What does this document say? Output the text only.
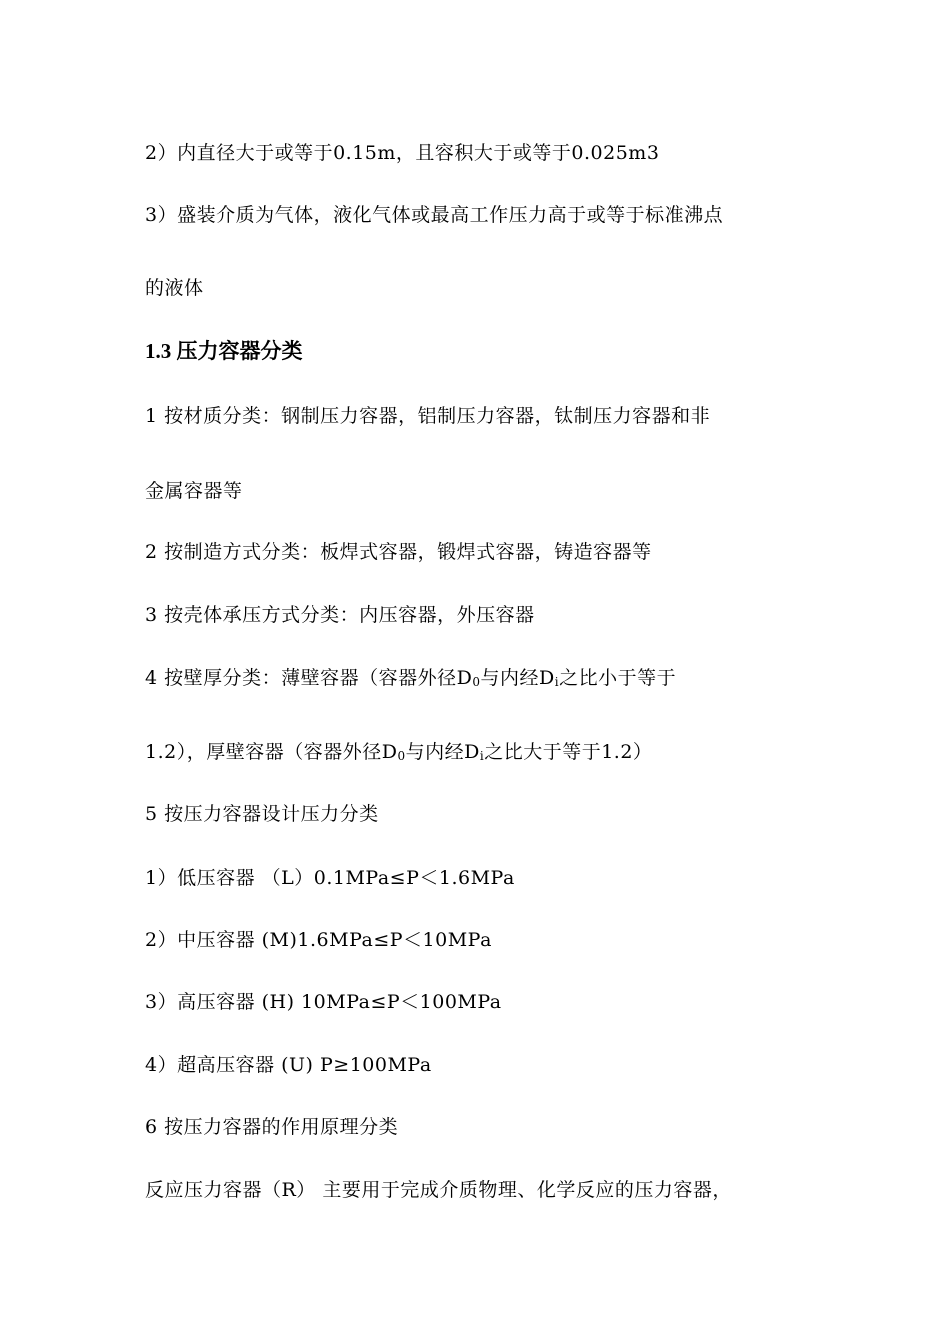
2）内直径大于或等于0.15m，且容积大于或等于0.025m3
3）盛装介质为气体，液化气体或最高工作压力高于或等于标准沸点
的液体
1.3 压力容器分类
1 按材质分类：钢制压力容器，铝制压力容器，钛制压力容器和非
金属容器等
2 按制造方式分类：板焊式容器，锻焊式容器，铸造容器等
3 按壳体承压方式分类：内压容器，外压容器
4 按壁厚分类：薄壁容器（容器外径$D_0$与内经$D_i$之比小于等于
1.2），厚壁容器（容器外径$D_0$与内经$D_i$之比大于等于1.2）
5 按压力容器设计压力分类
1）低压容器 （L）0.1MPa≤P＜1.6MPa
2）中压容器 (M)1.6MPa≤P＜10MPa
3）高压容器 (H) 10MPa≤P＜100MPa
4）超高压容器 (U) P≥100MPa
6 按压力容器的作用原理分类
反应压力容器（R） 主要用于完成介质物理、化学反应的压力容器，
